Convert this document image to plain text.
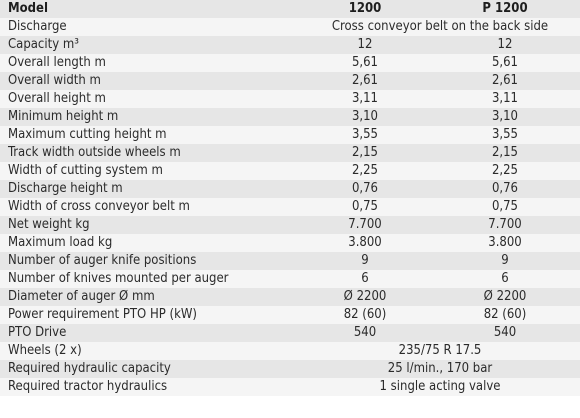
Model	1200	P 1200
Discharge	Cross conveyor belt on the back side	
Capacity m³	12	12
Overall length m	5,61	5,61
Overall width m	2,61	2,61
Overall height m	3,11	3,11
Minimum height m	3,10	3,10
Maximum cutting height m	3,55	3,55
Track width outside wheels m	2,15	2,15
Width of cutting system m	2,25	2,25
Discharge height m	0,76	0,76
Width of cross conveyor belt m	0,75	0,75
Net weight kg	7.700	7.700
Maximum load kg	3.800	3.800
Number of auger knife positions	9	9
Number of knives mounted per auger	6	6
Diameter of auger Ø mm	Ø 2200	Ø 2200
Power requirement PTO HP (kW)	82 (60)	82 (60)
PTO Drive	540	540
Wheels (2 x)	235/75 R 17.5	
Required hydraulic capacity	25 l/min., 170 bar	
Required tractor hydraulics	1 single acting valve	
